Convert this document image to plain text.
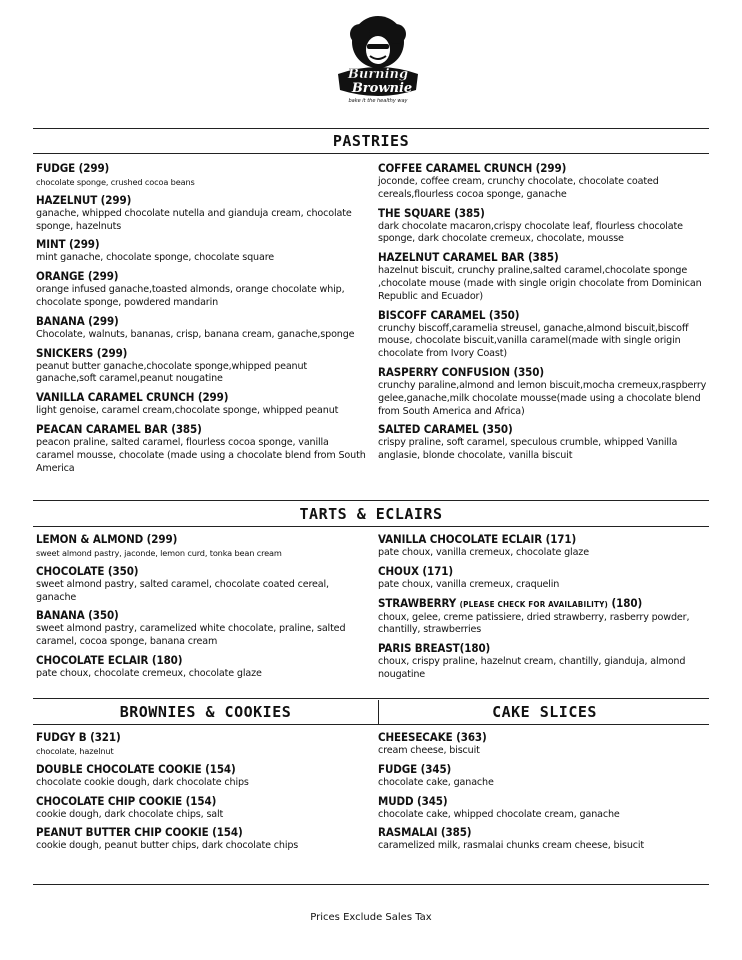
Burning
Brownie
bake it the healthy way
PASTRIES
FUDGE (299)
chocolate sponge, crushed cocoa beans
HAZELNUT (299)
ganache, whipped chocolate nutella and gianduja cream, chocolate sponge, hazelnuts
MINT (299)
mint ganache, chocolate sponge, chocolate square
ORANGE (299)
orange infused ganache,toasted almonds, orange chocolate whip, chocolate sponge, powdered mandarin
BANANA (299)
Chocolate, walnuts, bananas, crisp, banana cream, ganache,sponge
SNICKERS (299)
peanut butter ganache,chocolate sponge,whipped peanut ganache,soft caramel,peanut nougatine
VANILLA CARAMEL CRUNCH (299)
light genoise, caramel cream,chocolate sponge, whipped peanut
PEACAN CARAMEL BAR (385)
peacon praline, salted caramel, flourless cocoa sponge, vanilla caramel mousse, chocolate (made using a chocolate blend from South America
COFFEE CARAMEL CRUNCH (299)
joconde, coffee cream, crunchy chocolate, chocolate coated cereals,flourless cocoa sponge, ganache
THE SQUARE (385)
dark chocolate macaron,crispy chocolate leaf, flourless chocolate sponge, dark chocolate cremeux, chocolate, mousse
HAZELNUT CARAMEL BAR (385)
hazelnut biscuit, crunchy praline,salted caramel,chocolate sponge ,chocolate mouse (made with single origin chocolate from Dominican Republic and Ecuador)
BISCOFF CARAMEL (350)
crunchy biscoff,caramelia streusel, ganache,almond biscuit,biscoff mouse, chocolate biscuit,vanilla caramel(made with single origin chocolate from Ivory Coast)
RASPERRY CONFUSION (350)
crunchy paraline,almond and lemon biscuit,mocha cremeux,raspberry gelee,ganache,milk chocolate mousse(made using a chocolate blend from South America and Africa)
SALTED CARAMEL (350)
crispy praline, soft caramel, speculous crumble, whipped Vanilla anglasie, blonde chocolate, vanilla biscuit
TARTS & ECLAIRS
LEMON & ALMOND (299)
sweet almond pastry, jaconde, lemon curd, tonka bean cream
CHOCOLATE (350)
sweet almond pastry, salted caramel, chocolate coated cereal, ganache
BANANA (350)
sweet almond pastry, caramelized white chocolate, praline, salted caramel, cocoa sponge, banana cream
CHOCOLATE ECLAIR (180)
pate choux, chocolate cremeux, chocolate glaze
VANILLA CHOCOLATE ECLAIR (171)
pate choux, vanilla cremeux, chocolate glaze
CHOUX (171)
pate choux, vanilla cremeux, craquelin
STRAWBERRY (PLEASE CHECK FOR AVAILABILITY) (180)
choux, gelee, creme patissiere, dried strawberry, rasberry powder, chantilly, strawberries
PARIS BREAST(180)
choux, crispy praline, hazelnut cream, chantilly, gianduja, almond nougatine
BROWNIES & COOKIES	CAKE SLICES
FUDGY B (321)
chocolate, hazelnut
DOUBLE CHOCOLATE COOKIE (154)
chocolate cookie dough, dark chocolate chips
CHOCOLATE CHIP COOKIE (154)
cookie dough, dark chocolate chips, salt
PEANUT BUTTER CHIP COOKIE (154)
cookie dough, peanut butter chips, dark chocolate chips
CHEESECAKE (363)
cream cheese, biscuit
FUDGE (345)
chocolate cake, ganache
MUDD (345)
chocolate cake, whipped chocolate cream, ganache
RASMALAI (385)
caramelized milk, rasmalai chunks cream cheese, bisucit
Prices Exclude Sales Tax
